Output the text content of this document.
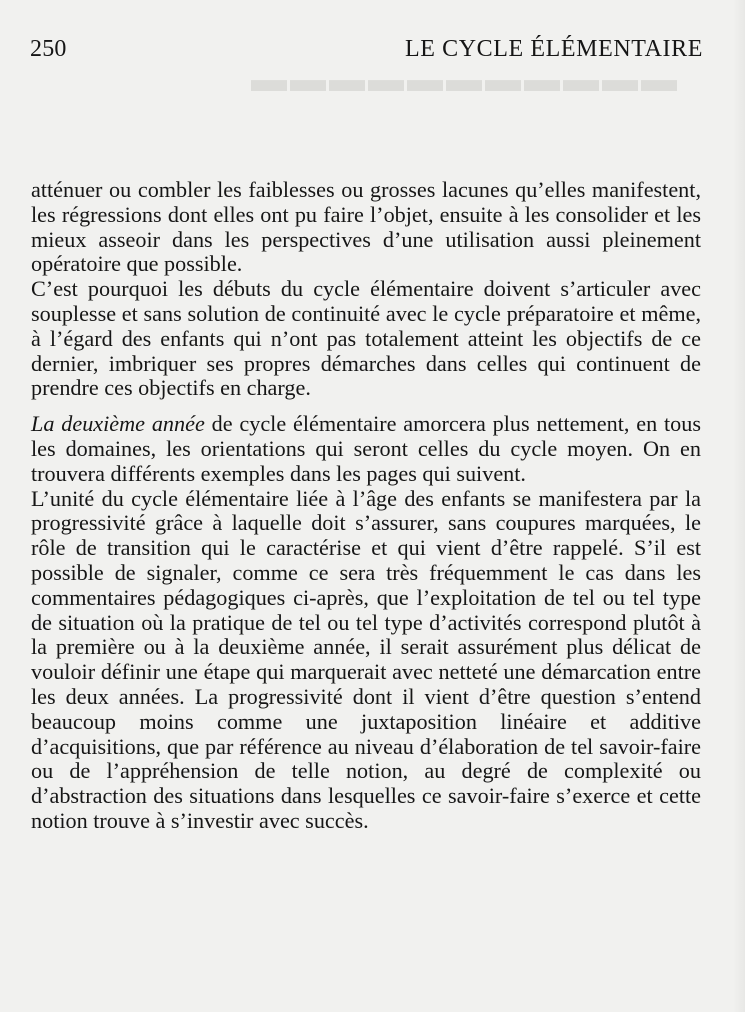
▬▬▬▬▬▬▬▬▬▬▬
250	LE CYCLE ÉLÉMENTAIRE

atténuer ou combler les faiblesses ou grosses lacunes qu’elles manifestent, les régressions dont elles ont pu faire l’objet, ensuite à les consolider et les mieux asseoir dans les perspectives d’une utilisation aussi pleinement opératoire que possible.

C’est pourquoi les débuts du cycle élémentaire doivent s’articuler avec souplesse et sans solution de continuité avec le cycle préparatoire et même, à l’égard des enfants qui n’ont pas totalement atteint les objectifs de ce dernier, imbriquer ses propres démarches dans celles qui continuent de prendre ces objectifs en charge.

La deuxième année de cycle élémentaire amorcera plus nettement, en tous les domaines, les orientations qui seront celles du cycle moyen. On en trouvera différents exemples dans les pages qui suivent.

L’unité du cycle élémentaire liée à l’âge des enfants se manifestera par la progressivité grâce à laquelle doit s’assurer, sans coupures marquées, le rôle de transition qui le caractérise et qui vient d’être rappelé. S’il est possible de signaler, comme ce sera très fréquemment le cas dans les commentaires pédagogiques ci-après, que l’exploitation de tel ou tel type de situation où la pratique de tel ou tel type d’activités correspond plutôt à la première ou à la deuxième année, il serait assurément plus délicat de vouloir définir une étape qui marquerait avec netteté une démarcation entre les deux années. La progressivité dont il vient d’être question s’entend beaucoup moins comme une juxtaposition linéaire et additive d’acquisitions, que par référence au niveau d’élaboration de tel savoir-faire ou de l’appréhension de telle notion, au degré de complexité ou d’abstraction des situations dans lesquelles ce savoir-faire s’exerce et cette notion trouve à s’investir avec succès.
